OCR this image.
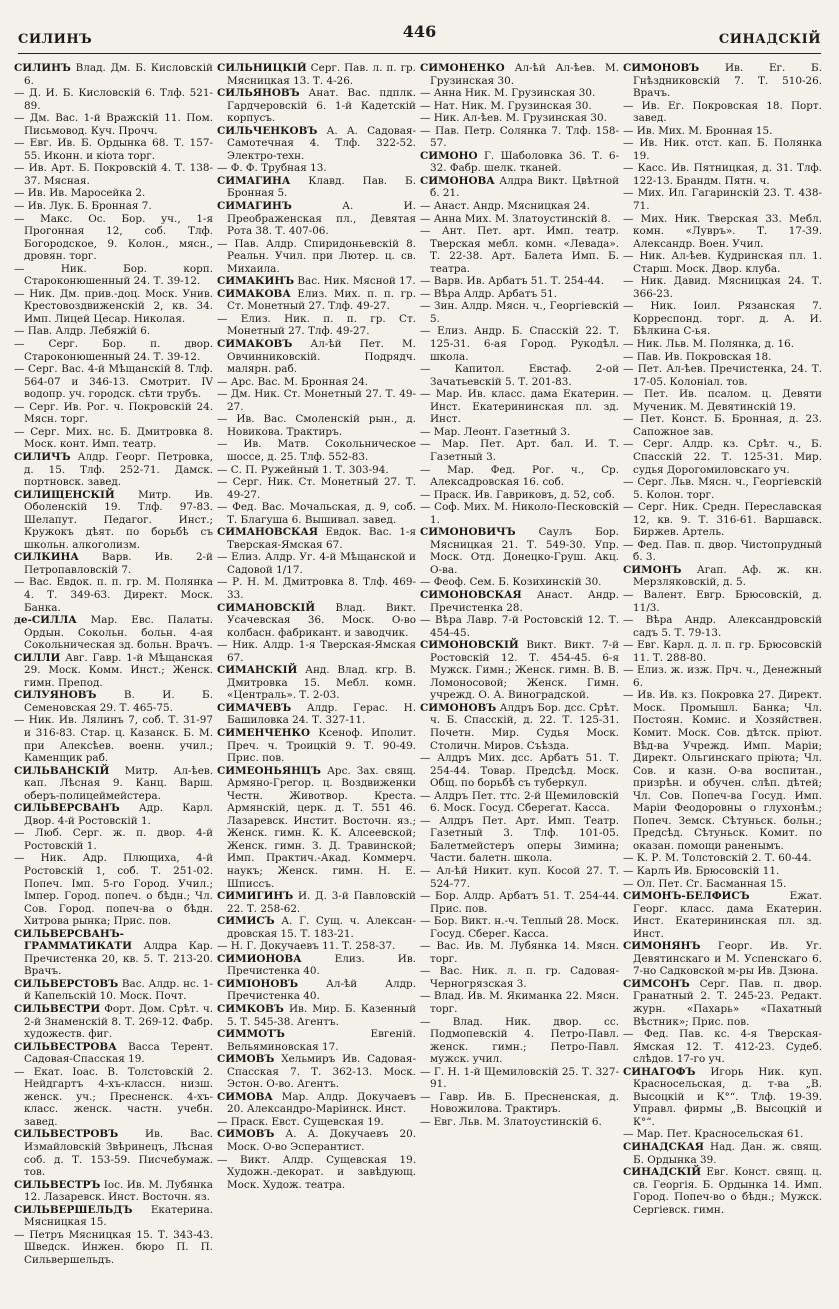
СИЛИНЪ	446	СИНАДСКІЙ

СИЛИНЪ Влад. Дм. Б. Кисловскій 6.

— Д. И. Б. Кисловскій 6. Тлф. 521-89.

— Дм. Вас. 1-й Вражскій 11. Пом. Письмовод. Куч. Прочч.

— Евг. Ив. Б. Ордынка 68. Т. 157-55. Иконн. и кіота торг.

— Ив. Арт. Б. Покровскій 4. Т. 138-37. Мясная.

— Ив. Ив. Маросейка 2.

— Ив. Лук. Б. Бронная 7.

— Макс. Ос. Бор. уч., 1-я Прогонная 12, соб. Тлф. Богородское, 9. Колон., мясн., дровян. торг.

— Ник. Бор. корп. Староконюшенный 24. Т. 39-12.

— Ник. Дм. прив.-доц. Моск. Унив. Крестовоздвиженскій 2, кв. 34. Имп. Лицей Цесар. Николая.

— Пав. Алдр. Лебяжій 6.

— Серг. Бор. п. двор. Староконюшенный 24. Т. 39-12.

— Серг. Вас. 4-й Мѣщанскій 8. Тлф. 564-07 и 346-13. Смотрит. IV водопр. уч. городск. сѣти трубъ.

— Серг. Ив. Рог. ч. Покровскій 24. Мясн. торг.

— Серг. Мих. нс. Б. Дмитровка 8. Моск. конт. Имп. театр.

СИЛИЧЪ Алдр. Георг. Петровка, д. 15. Тлф. 252-71. Дамск. портновск. завед.

СИЛИЩЕНСКІЙ Митр. Ив. Оболенскій 19. Тлф. 97-83. Шелапут. Педагог. Инст.; Кружокъ дѣят. по борьбѣ съ школьн. алкоголизм.

СИЛКИНА Варв. Ив. 2-й Петропавловскій 7.

— Вас. Евдок. п. п. гр. М. Полянка 4. Т. 349-63. Директ. Моск. Банка.

де-СИЛЛА Мар. Евс. Палаты. Ордын. Сокольн. больн. 4-ая Сокольническая зд. больн. Врачъ.

СИЛЛИ Авг. Гавр. 1-й Мѣщанская 29. Моск. Комм. Инст.; Женск. гимн. Препод.

СИЛУЯНОВЪ	В. И. Б. Семеновская 29. Т. 465-75.

— Ник. Ив. Лялинъ 7, соб. Т. 31-97 и 316-83. Стар. ц. Казанск. Б. М. при Алексѣев. военн. учил.; Каменщик раб.

СИЛЬВАНСКІЙ Митр. Ал-ѣев. кап. Лѣсная 9. Канц. Варш. оберъ-полицеймейстера.

СИЛЬВЕРСВАНЪ Адр. Карл. Двор. 4-й Ростовскій 1.

— Люб. Серг. ж. п. двор. 4-й Ростовскій 1.

— Ник. Адр. Плющиха, 4-й Ростовскій 1, соб. Т. 251-02. Попеч. Імп. 5-го Город. Учил.; Імпер. Город. попеч. о бѣдн.; Чл. Сов. Город. попеч-ва о бѣдн. Хитрова рынка; Прис. пов.

СИЛЬВЕРСВАНЪ-ГРАММАТИКАТИ Алдра Кар. Пречистенка 20, кв. 5. Т. 213-20. Врачъ.

СИЛЬВЕРСТОВЪ Вас. Алдр. нс. 1-й Капельскій 10. Моск. Почт.

СИЛЬВЕСТРИ Форт. Дом. Срѣт. ч. 2-й Знаменскій 8. Т. 269-12. Фабр. художеств. фиг.

СИЛЬВЕСТРОВА Васса Терент. Садовая-Спасская 19.

— Екат. Іоас. В. Толстовскій 2. Нейдгартъ 4-хъ-классн. низш. женск. уч.; Пресненск. 4-хъ-класс. женск. частн. учебн. завед.

СИЛЬВЕСТРОВЪ	Ив. Вас. Измайловскій Звѣринецъ, Лѣсная соб. д. Т. 153-59. Писчебумаж. тов.

СИЛЬВЕСТРЪ Іос. Ив. М. Лубянка 12. Лазаревск. Инст. Восточн. яз.

СИЛЬВЕРШЕЛЬДЪ Екатерина. Мясницкая 15.

— Петръ Мясницкая 15. Т. 343-43. Шведск. Инжен. бюро П. П. Сильвершельдъ.

СИЛЬНИЦКІЙ Серг. Пав. л. п. гр. Мясницкая 13. Т. 4-26.

СИЛЬЯНОВЪ Анат. Вас. пдплк. Гардчеровскій 6. 1-й Кадетскій корпусъ.

СИЛЬЧЕНКОВЪ А. А. Садовая-Самотечная 4. Тлф. 322-52. Электро-техн.

— Ф. Ф. Трубная 13.

СИМАГИНА Клавд. Пав. Б. Бронная 5.

СИМАГИНЪ	А. И. Преображенская пл., Девятая Рота 38. Т. 407-06.

— Пав. Алдр. Спиридоньевскій 8. Реальн. Учил. при Лютер. ц. св. Михаила.

СИМАКИНЪ Вас. Ник. Мясной 17.

СИМАКОВА Елиз. Мих. п. п. гр. Ст. Монетный 27. Тлф. 49-27.

— Елиз. Ник. п. п. гр. Ст. Монетный 27. Тлф. 49-27.

СИМАКОВЪ Ал-ѣй Пет. М. Овчинниковскій. Подрядч. малярн. раб.

— Арс. Вас. М. Бронная 24.

— Дм. Ник. Ст. Монетный 27. Т. 49-27.

— Ив. Вас. Смоленскій рын., д. Новикова. Трактиръ.

— Ив. Матв. Сокольническое шоссе, д. 25. Тлф. 552-83.

— С. П. Ружейный 1. Т. 303-94.

— Серг. Ник. Ст. Монетный 27. Т. 49-27.

— Фед. Вас. Мочальская, д. 9, соб. Т. Благуша 6. Вышивал. завед.

СИМАНОВСКАЯ Евдок. Вас. 1-я Тверская-Ямская 67.

— Елиз. Алдр. Уг. 4-й Мѣщанской и Садовой 1/17.

— Р. Н. М. Дмитровка 8. Тлф. 469-33.

СИМАНОВСКІЙ Влад. Викт. Усачевская 36. Моск. О-во колбасн. фабрикант. и заводчик.

— Ник. Алдр. 1-я Тверская-Ямская 67.

СИМАНСКІЙ Анд. Влад. кгр. В. Дмитровка 15. Мебл. комн. «Централь». Т. 2-03.

СИМАЧЕВЪ Алдр. Герас. Н. Башиловка 24. Т. 327-11.

СИМЕНЧЕНКО Ксеноф. Иполит. Преч. ч. Троицкій 9. Т. 90-49. Прис. пов.

СИМЕОНЬЯНЦЪ Арс. Зах. свящ. Армяно-Грегор. ц. Воздвиженки Честн. Животвор. Креста. Армянскій, церк. д. Т. 551 46. Лазаревск. Инстит. Восточн. яз.; Женск. гимн. К. К. Алсеевской; Женск. гимн. З. Д. Травинской; Имп. Практич.-Акад. Коммерч. наукъ; Женск. гимн. Н. Е. Шписсъ.

СИМИГИНЪ И. Д. 3-й Павловскій 22. Т. 258-62.

СИМИСЪ А. Г. Сущ. ч. Алексан-дровская 15. Т. 183-21.

— Н. Г. Докучаевъ 11. Т. 258-37.

СИМИОНОВА	Елиз. Ив. Пречистенка 40.

СИМІОНОВЪ	Ал-ѣй Алдр. Пречистенка 40.

СИМКОВЪ Ив. Мир. Б. Казенный 5. Т. 545-38. Агентъ.

СИММОТЪ	Евгеній. Вельяминовская 17.

СИМОВЪ Хельмиръ Ив. Садовая-Спасская 7. Т. 362-13. Моск. Эстон. О-во. Агентъ.

СИМОВА Мар. Алдр. Докучаевъ 20. Александро-Маріинск. Инст.

— Праск. Евст. Сущевская 19.

СИМОВЪ А. А. Докучаевъ 20. Моск. О-во Эсперантист.

— Викт. Алдр. Сущевская 19. Художн.-декорат. и завѣдующ. Моск. Худож. театра.

СИМОНЕНКО Ал-ѣй Ал-ѣев. М. Грузинская 30.

— Анна Ник. М. Грузинская 30.

— Нат. Ник. М. Грузинская 30.

— Ник. Ал-ѣев. М. Грузинская 30.

— Пав. Петр. Солянка 7. Тлф. 158-57.

СИМОНО Г. Шаболовка 36. Т. 6-32. Фабр. шелк. тканей.

СИМОНОВА Алдра Викт. Цвѣтной б. 21.

— Анаст. Андр. Мясницкая 24.

— Анна Мих. М. Златоустинскій 8.

— Ант. Пет. арт. Имп. театр. Тверская мебл. комн. «Левада». Т. 22-38. Арт. Балета Имп. Б. театра.

— Варв. Ив. Арбатъ 51. Т. 254-44.

— Вѣра Алдр. Арбатъ 51.

— Зин. Алдр. Мясн. ч., Георгіевскій 5.

— Елиз. Андр. Б. Спасскій 22. Т. 125-31. 6-ая Город. Рукодѣл. школа.

— Капитол. Евстаф. 2-ой Зачатьевскій 5. Т. 201-83.

— Мар. Ив. класс. дама Екатерин. Инст. Екатерининская пл. зд. Инст.

— Мар. Леонт. Газетный 3.

— Мар. Пет. Арт. бал. И. Т. Газетный 3.

— Мар. Фед. Рог. ч., Ср. Алексадровская 16. соб.

— Праск. Ив. Гавриковъ, д. 52, соб.

— Соф. Мих. М. Николо-Песковскій 1.

СИМОНОВИЧЪ Саулъ Бор. Мясницкая 21. Т. 549-30. Упр. Моск. Отд. Донецко-Груш. Акц. О-ва.

— Феоф. Сем. Б. Козихинскій 30.

СИМОНОВСКАЯ Анаст. Андр. Пречистенка 28.

— Вѣра Лавр. 7-й Ростовскій 12. Т. 454-45.

СИМОНОВСКІЙ Викт. Викт. 7-й Ростовскій 12. Т. 454-45. 6-я Мужск. Гимн.; Женск. гимн. В. В. Ломоносовой; Женск. Гимн. учрежд. О. А. Виноградской.

СИМОНОВЪ Алдръ Бор. дсс. Срѣт. ч. Б. Спасскій, д. 22. Т. 125-31. Почетн. Мир. Судья Моск. Столичн. Миров. Съѣзда.

— Алдръ Мих. дсс. Арбатъ 51. Т. 254-44. Товар. Предсѣд. Моск. Общ. по борьбѣ съ туберкул.

— Алдръ Пет. ттс. 2-й Щемиловскій 6. Моск. Госуд. Сберегат. Касса.

— Алдръ Пет. Арт. Имп. Театр. Газетный 3. Тлф. 101-05. Балетмейстеръ оперы Зимина; Части. балетн. школа.

— Ал-ѣй Никит. куп. Косой 27. Т. 524-77.

— Бор. Алдр. Арбатъ 51. Т. 254-44. Прис. пов.

— Бор. Викт. н.-ч. Теплый 28. Моск. Госуд. Сберег. Касса.

— Вас. Ив. М. Лубянка 14. Мясн. торг.

— Вас. Ник. л. п. гр. Садовая-Черногрязская 3.

— Влад. Ив. М. Якиманка 22. Мясн. торг.

— Влад. Ник. двор. сс. Подмопевскій 4. Петро-Павл. женск. гимн.; Петро-Павл. мужск. учил.

— Г. Н. 1-й Щемиловскій 25. Т. 327-91.

— Гавр. Ив. Б. Пресненская, д. Новожилова. Трактиръ.

— Евг. Льв. М. Златоустинскій 6.

СИМОНОВЪ Ив. Ег. Б. Гнѣздниковскій 7. Т. 510-26. Врачъ.

— Ив. Ег. Покровская 18. Порт. завед.

— Ив. Мих. М. Бронная 15.

— Ив. Ник. отст. кап. Б. Полянка 19.

— Касс. Ив. Пятницкая, д. 31. Тлф. 122-13. Брандм. Пятн. ч.

— Мих. Ил. Гагаринскій 23. Т. 438-71.

— Мих. Ник. Тверская 33. Мебл. комн. «Лувръ». Т. 17-39. Александр. Воен. Учил.

— Ник. Ал-ѣев. Кудринская пл. 1. Старш. Моск. Двор. клуба.

— Ник. Давид. Мясницкая 24. Т. 366-23.

— Ник. Іоил. Рязанская 7. Корреспонд. торг. д. А. И. Бѣлкина С-ья.

— Ник. Льв. М. Полянка, д. 16.

— Пав. Ив. Покровская 18.

— Пет. Ал-ѣев. Пречистенка, 24. Т. 17-05. Колоніал. тов.

— Пет. Ив. псалом. ц. Девяти Мученик. М. Девятинскій 19.

— Пет. Конст. Б. Бронная, д. 23. Сапожное зав.

— Серг. Алдр. кз. Срѣт. ч., Б. Спасскій 22. Т. 125-31. Мир. судья Дорогомиловскаго уч.

— Серг. Льв. Мясн. ч., Георгіевскій 5. Колон. торг.

— Серг. Ник. Средн. Переславская 12, кв. 9. Т. 316-61. Варшавск. Биржев. Артель.

— Фед. Пав. п. двор. Чистопрудный б. 3.

СИМОНЪ Агап. Аф. ж. кн. Мерзляковскій, д. 5.

— Валент. Евгр. Брюсовскій, д. 11/3.

— Вѣра Андр. Александровскій садъ 5. Т. 79-13.

— Евг. Карл. д. л. п. гр. Брюсовскій 11. Т. 288-80.

— Елиз. ж. изж. Прч. ч., Денежный 6.

— Ив. Ив. кз. Покровка 27. Директ. Моск. Промышл. Банка; Чл. Постоян. Комис. и Хозяйствен. Комит. Моск. Сов. дѣтск. пріют. Вѣд-ва Учрежд. Имп. Маріи; Директ. Ольгинскаго пріюта; Чл. Сов. и казн. О-ва воспитан., призрѣн. и обучен. слѣп. дѣтей; Чл. Сов. Попеч-ва Госуд. Имп. Маріи Феодоровны о глухонѣм.; Попеч. Земск. Сѣтуньск. больн.; Предсѣд. Сѣтуньск. Комит. по оказан. помощи раненымъ.

— К. Р. М. Толстовскій 2. Т. 60-44.

— Карлъ Ив. Брюсовскій 11.

— Ол. Пет. Сг. Басманная 15.

СИМОНЪ-БЕЛФИСЪ	Ежат. Георг. класс. дама Екатерин. Инст. Екатерининская пл. зд. Инст.

СИМОНЯНЪ Георг. Ив. Уг. Девятинскаго и М. Успенскаго 6. 7-но Садковской м-ры Ив. Дзюна.

СИМСОНЪ Серг. Пав. п. двор. Гранатный 2. Т. 245-23. Редакт. журн. «Пахарь» «Пахатный Вѣстник»; Прис. пов.

— Фед. Пав. кс. 4-я Тверская-Ямская 12. Т. 412-23. Судеб. слѣдов. 17-го уч.

СИНАГОФЪ Игорь Ник. куп. Красносельская, д. т-ва „В. Высоцкій и К°“. Тлф. 19-39. Управл. фирмы „В. Высоцкій и К°“.

— Мар. Пет. Красносельская 61.

СИНАДСКАЯ Над. Дан. ж. свящ. Б. Ордынка 39.

СИНАДСКІЙ Евг. Конст. свящ. ц. св. Георгія. Б. Ордынка 14. Имп. Город. Попеч-во о бѣдн.; Мужск. Сергіевск. гимн.
